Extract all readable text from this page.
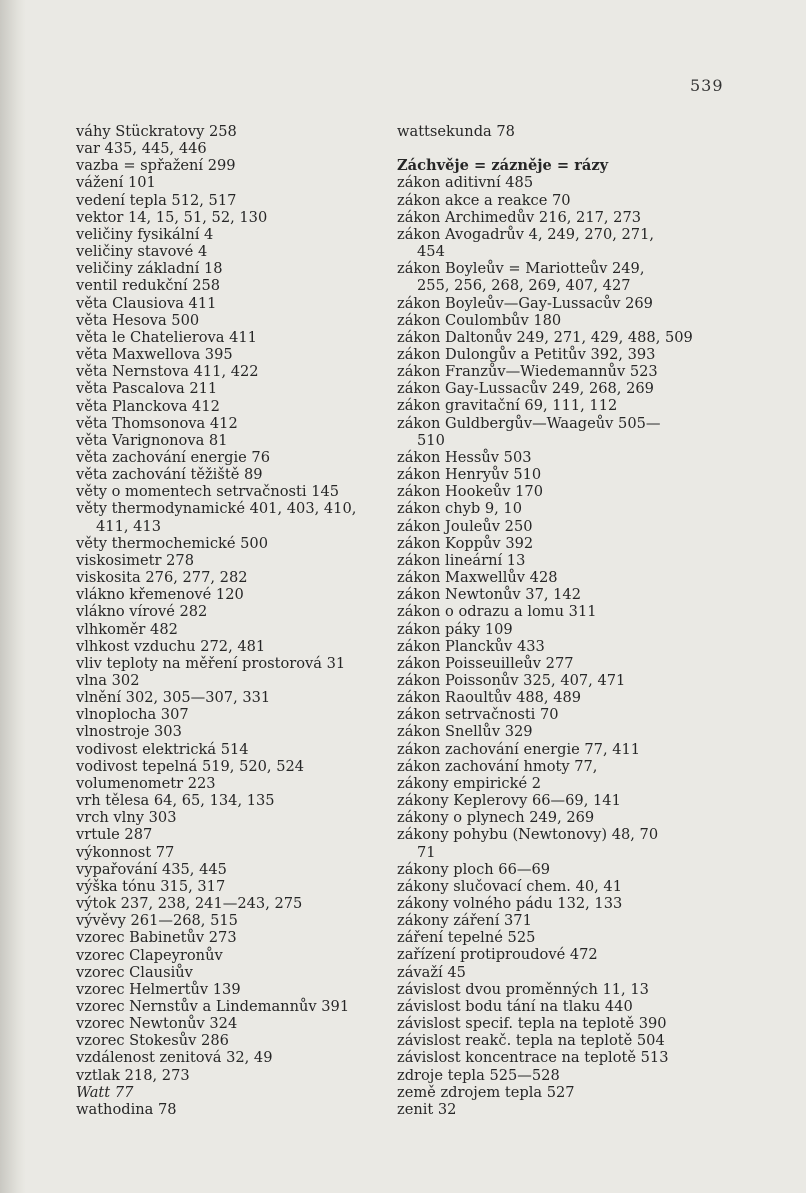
539
váhy Stückratovy 258
var 435, 445, 446
vazba = spřažení 299
vážení 101
vedení tepla 512, 517
vektor 14, 15, 51, 52, 130
veličiny fysikální 4
veličiny stavové 4
veličiny základní 18
ventil redukční 258
věta Clausiova 411
věta Hesova 500
věta le Chatelierova 411
věta Maxwellova 395
věta Nernstova 411, 422
věta Pascalova 211
věta Planckova 412
věta Thomsonova 412
věta Varignonova 81
věta zachování energie 76
věta zachování těžiště 89
věty o momentech setrvačnosti 145
věty thermodynamické 401, 403, 410,
411, 413
věty thermochemické 500
viskosimetr 278
viskosita 276, 277, 282
vlákno křemenové 120
vlákno vírové 282
vlhkoměr 482
vlhkost vzduchu 272, 481
vliv teploty na měření prostorová 31
vlna 302
vlnění 302, 305—307, 331
vlnoplocha 307
vlnostroje 303
vodivost elektrická 514
vodivost tepelná 519, 520, 524
volumenometr 223
vrh tělesa 64, 65, 134, 135
vrch vlny 303
vrtule 287
výkonnost 77
vypařování 435, 445
výška tónu 315, 317
výtok 237, 238, 241—243, 275
vývěvy 261—268, 515
vzorec Babinetův 273
vzorec Clapeyronův
vzorec Clausiův
vzorec Helmertův 139
vzorec Nernstův a Lindemannův 391
vzorec Newtonův 324
vzorec Stokesův 286
vzdálenost zenitová 32, 49
vztlak 218, 273
Watt 77
wathodina 78
wattsekunda 78
Záchvěje = zázněje = rázy
zákon aditivní 485
zákon akce a reakce 70
zákon Archimedův 216, 217, 273
zákon Avogadrův 4, 249, 270, 271,
454
zákon Boyleův = Mariotteův 249,
255, 256, 268, 269, 407, 427
zákon Boyleův—Gay-Lussacův 269
zákon Coulombův 180
zákon Daltonův 249, 271, 429, 488, 509
zákon Dulongův a Petitův 392, 393
zákon Franzův—Wiedemannův 523
zákon Gay-Lussacův 249, 268, 269
zákon gravitační 69, 111, 112
zákon Guldbergův—Waageův 505—
510
zákon Hessův 503
zákon Henryův 510
zákon Hookeův 170
zákon chyb 9, 10
zákon Jouleův 250
zákon Koppův 392
zákon lineární 13
zákon Maxwellův 428
zákon Newtonův 37, 142
zákon o odrazu a lomu 311
zákon páky 109
zákon Planckův 433
zákon Poisseuilleův 277
zákon Poissonův 325, 407, 471
zákon Raoultův 488, 489
zákon setrvačnosti 70
zákon Snellův 329
zákon zachování energie 77, 411
zákon zachování hmoty 77,
zákony empirické 2
zákony Keplerovy 66—69, 141
zákony o plynech 249, 269
zákony pohybu (Newtonovy) 48, 70
71
zákony ploch 66—69
zákony slučovací chem. 40, 41
zákony volného pádu 132, 133
zákony záření 371
záření tepelné 525
zařízení protiproudové 472
závaží 45
závislost dvou proměnných 11, 13
závislost bodu tání na tlaku 440
závislost specif. tepla na teplotě 390
závislost reakč. tepla na teplotě 504
závislost koncentrace na teplotě 513
zdroje tepla 525—528
země zdrojem tepla 527
zenit 32
